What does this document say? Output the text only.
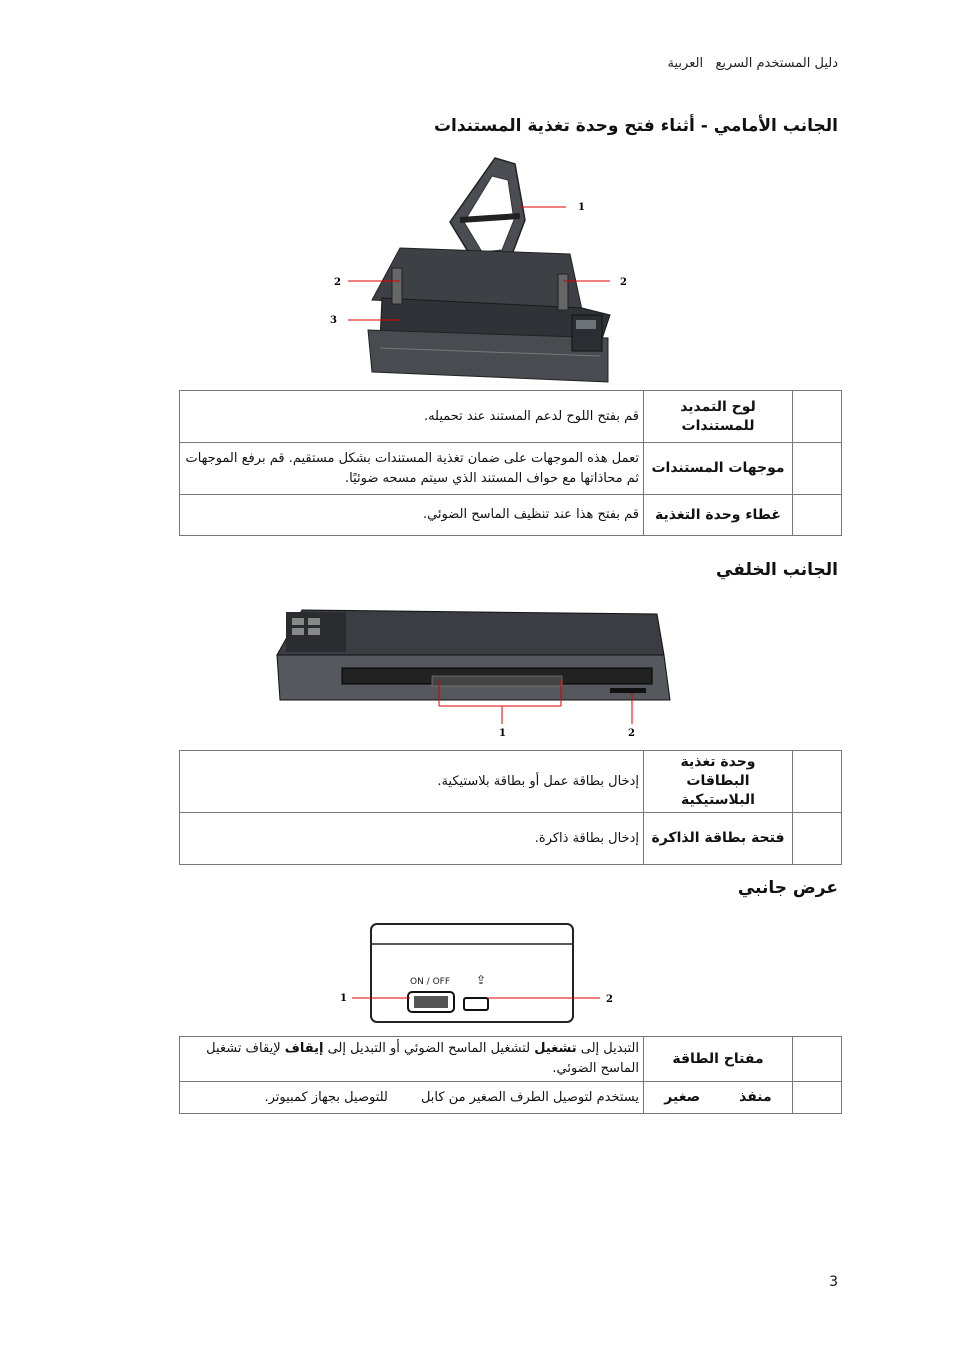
دليل المستخدم السريع   العربية
الجانب الأمامي - أثناء فتح وحدة تغذية المستندات
1
2	2
3
قم بفتح اللوح لدعم المستند عند تحميله.	لوح التمديد للمستندات	
تعمل هذه الموجهات على ضمان تغذية المستندات بشكل مستقيم. قم برفع الموجهات ثم محاذاتها مع حواف المستند الذي سيتم مسحه ضوئيًا.	موجهات المستندات	
قم بفتح هذا عند تنظيف الماسح الضوئي.	غطاء وحدة التغذية	
الجانب الخلفي
1	2
إدخال بطاقة عمل أو بطاقة بلاستيكية.	وحدة تغذية البطاقات البلاستيكية	
إدخال بطاقة ذاكرة.	فتحة بطاقة الذاكرة	
عرض جانبي
ON / OFF ⇪
1	2
التبديل إلى تشغيل لتشغيل الماسح الضوئي أو التبديل إلى إيقاف لإيقاف تشغيل الماسح الضوئي.	مفتاح الطاقة	
يستخدم لتوصيل الطرف الصغير من كابل        للتوصيل بجهاز كمبيوتر.	منفذ        صغير	
3
